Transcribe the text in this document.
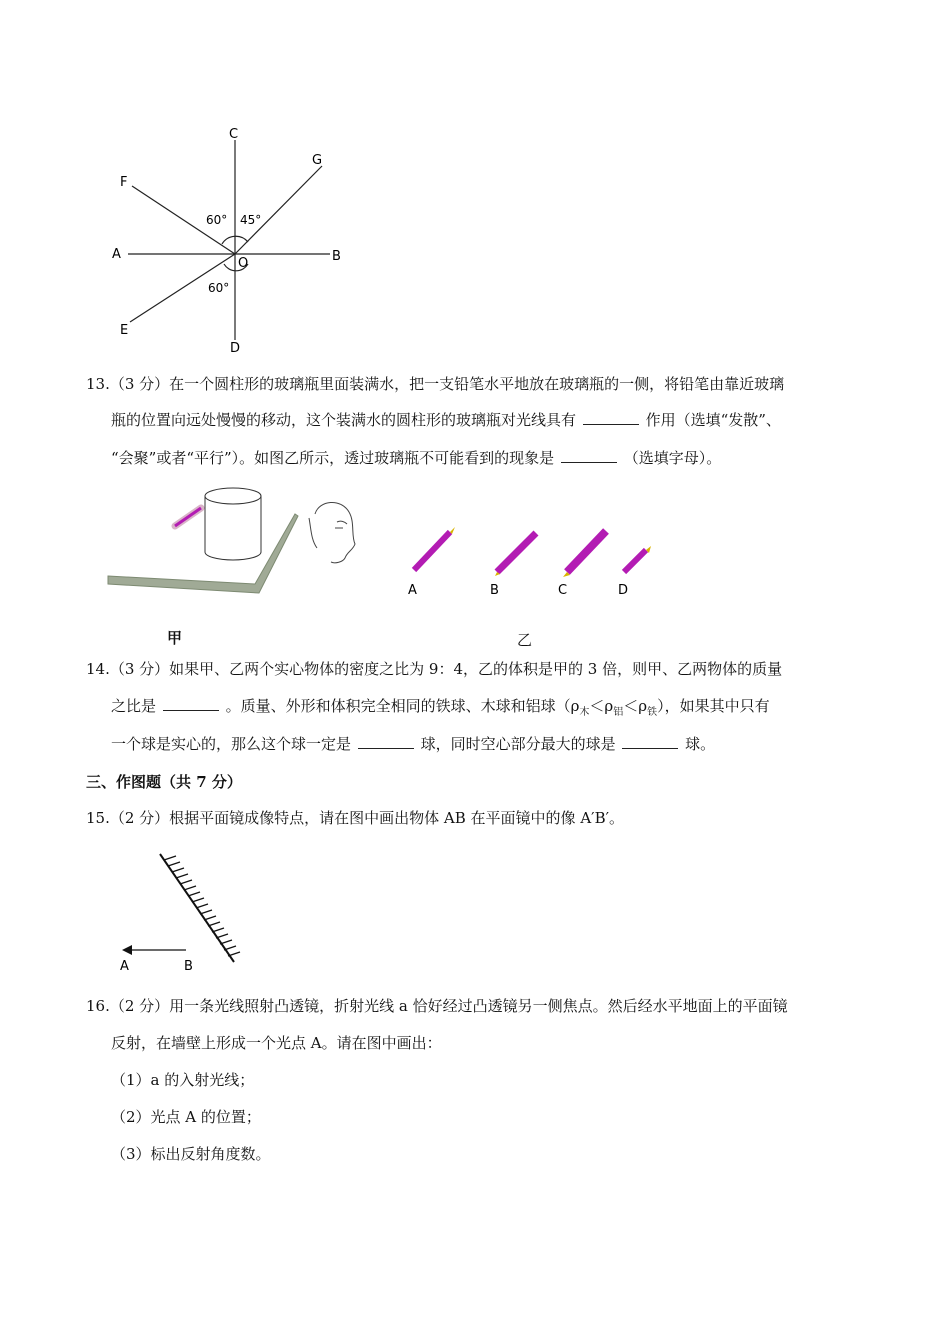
C
G
F
A	B
O
E
D
60° 45°
60°
13.（3 分）在一个圆柱形的玻璃瓶里面装满水，把一支铅笔水平地放在玻璃瓶的一侧，将铅笔由靠近玻璃
瓶的位置向远处慢慢的移动，这个装满水的圆柱形的玻璃瓶对光线具有	作用（选填“发散”、
“会聚”或者“平行”）。如图乙所示，透过玻璃瓶不可能看到的现象是	（选填字母）。
甲
A	B	C	D
乙
14.（3 分）如果甲、乙两个实心物体的密度之比为 9：4，乙的体积是甲的 3 倍，则甲、乙两物体的质量
之比是	。质量、外形和体积完全相同的铁球、木球和铝球$(\rho_木<\rho_铝<\rho_铁)$，如果其中只有
一个球是实心的，那么这个球一定是	球，同时空心部分最大的球是	球。
三、作图题（共 7 分）
15.（2 分）根据平面镜成像特点，请在图中画出物体 AB 在平面镜中的像 A′B′。
A	B
16.（2 分）用一条光线照射凸透镜，折射光线 a 恰好经过凸透镜另一侧焦点。然后经水平地面上的平面镜
反射，在墙壁上形成一个光点 A。请在图中画出：
（1）a 的入射光线；
（2）光点 A 的位置；
（3）标出反射角度数。
